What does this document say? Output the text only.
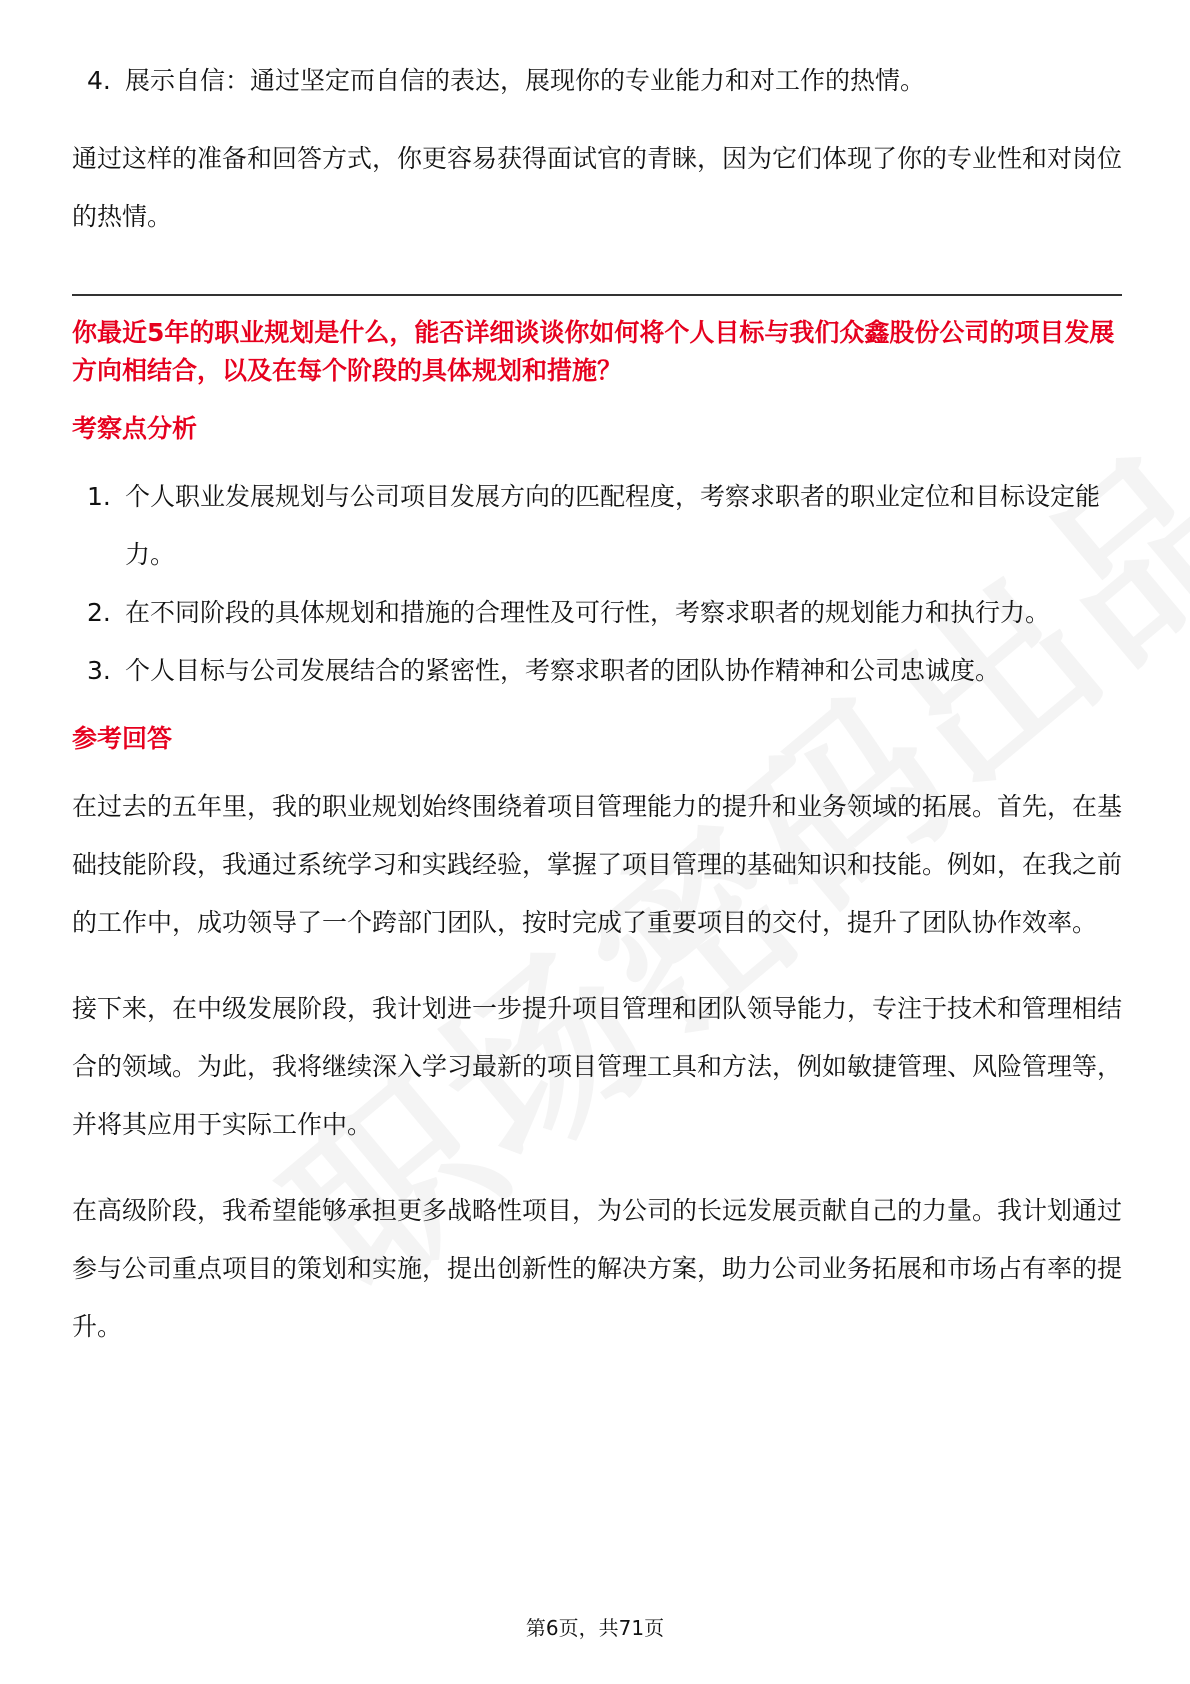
4. 展示自信：通过坚定而自信的表达，展现你的专业能力和对工作的热情。

通过这样的准备和回答方式，你更容易获得面试官的青睐，因为它们体现了你的专业性和对岗位的热情。

你最近5年的职业规划是什么，能否详细谈谈你如何将个人目标与我们众鑫股份公司的项目发展方向相结合，以及在每个阶段的具体规划和措施？

考察点分析

1. 个人职业发展规划与公司项目发展方向的匹配程度，考察求职者的职业定位和目标设定能力。
2. 在不同阶段的具体规划和措施的合理性及可行性，考察求职者的规划能力和执行力。
3. 个人目标与公司发展结合的紧密性，考察求职者的团队协作精神和公司忠诚度。

参考回答

在过去的五年里，我的职业规划始终围绕着项目管理能力的提升和业务领域的拓展。首先，在基础技能阶段，我通过系统学习和实践经验，掌握了项目管理的基础知识和技能。例如，在我之前的工作中，成功领导了一个跨部门团队，按时完成了重要项目的交付，提升了团队协作效率。

接下来，在中级发展阶段，我计划进一步提升项目管理和团队领导能力，专注于技术和管理相结合的领域。为此，我将继续深入学习最新的项目管理工具和方法，例如敏捷管理、风险管理等，并将其应用于实际工作中。

在高级阶段，我希望能够承担更多战略性项目，为公司的长远发展贡献自己的力量。我计划通过参与公司重点项目的策划和实施，提出创新性的解决方案，助力公司业务拓展和市场占有率的提升。

第6页，共71页
